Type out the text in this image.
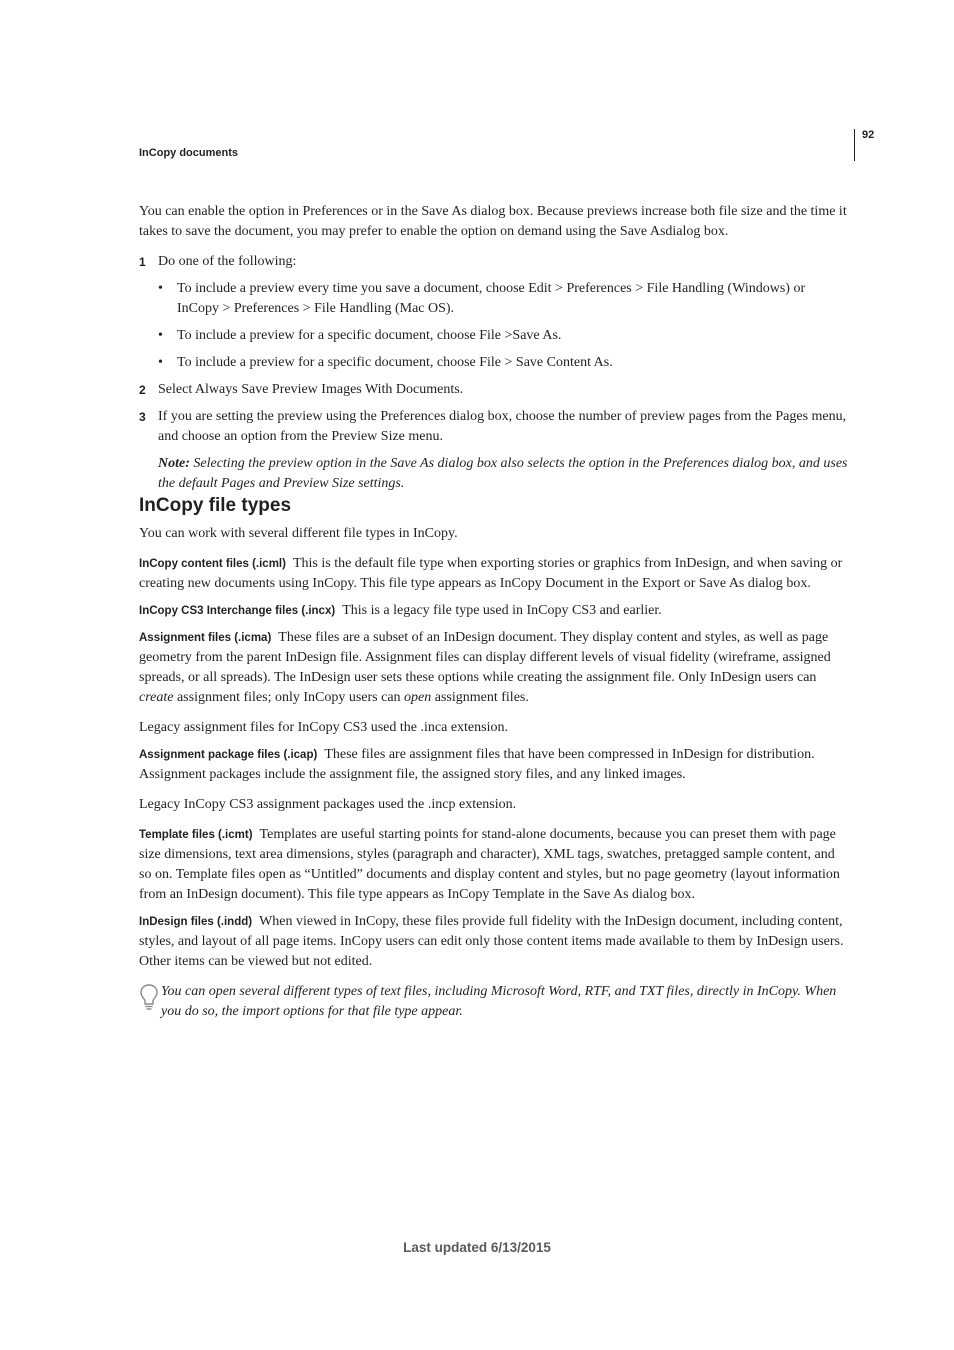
InCopy documents
92

You can enable the option in Preferences or in the Save As dialog box. Because previews increase both file size and the time it takes to save the document, you may prefer to enable the option on demand using the Save Asdialog box.

1 Do one of the following:
• To include a preview every time you save a document, choose Edit > Preferences > File Handling (Windows) or InCopy > Preferences > File Handling (Mac OS).
• To include a preview for a specific document, choose File >Save As.
• To include a preview for a specific document, choose File > Save Content As.
2 Select Always Save Preview Images With Documents.
3 If you are setting the preview using the Preferences dialog box, choose the number of preview pages from the Pages menu, and choose an option from the Preview Size menu.

Note: Selecting the preview option in the Save As dialog box also selects the option in the Preferences dialog box, and uses the default Pages and Preview Size settings.

InCopy file types

You can work with several different file types in InCopy.

InCopy content files (.icml) This is the default file type when exporting stories or graphics from InDesign, and when saving or creating new documents using InCopy. This file type appears as InCopy Document in the Export or Save As dialog box.

InCopy CS3 Interchange files (.incx) This is a legacy file type used in InCopy CS3 and earlier.

Assignment files (.icma) These files are a subset of an InDesign document. They display content and styles, as well as page geometry from the parent InDesign file. Assignment files can display different levels of visual fidelity (wireframe, assigned spreads, or all spreads). The InDesign user sets these options while creating the assignment file. Only InDesign users can create assignment files; only InCopy users can open assignment files.

Legacy assignment files for InCopy CS3 used the .inca extension.

Assignment package files (.icap) These files are assignment files that have been compressed in InDesign for distribution. Assignment packages include the assignment file, the assigned story files, and any linked images.

Legacy InCopy CS3 assignment packages used the .incp extension.

Template files (.icmt) Templates are useful starting points for stand-alone documents, because you can preset them with page size dimensions, text area dimensions, styles (paragraph and character), XML tags, swatches, pretagged sample content, and so on. Template files open as “Untitled” documents and display content and styles, but no page geometry (layout information from an InDesign document). This file type appears as InCopy Template in the Save As dialog box.

InDesign files (.indd) When viewed in InCopy, these files provide full fidelity with the InDesign document, including content, styles, and layout of all page items. InCopy users can edit only those content items made available to them by InDesign users. Other items can be viewed but not edited.

You can open several different types of text files, including Microsoft Word, RTF, and TXT files, directly in InCopy. When you do so, the import options for that file type appear.
Last updated 6/13/2015
